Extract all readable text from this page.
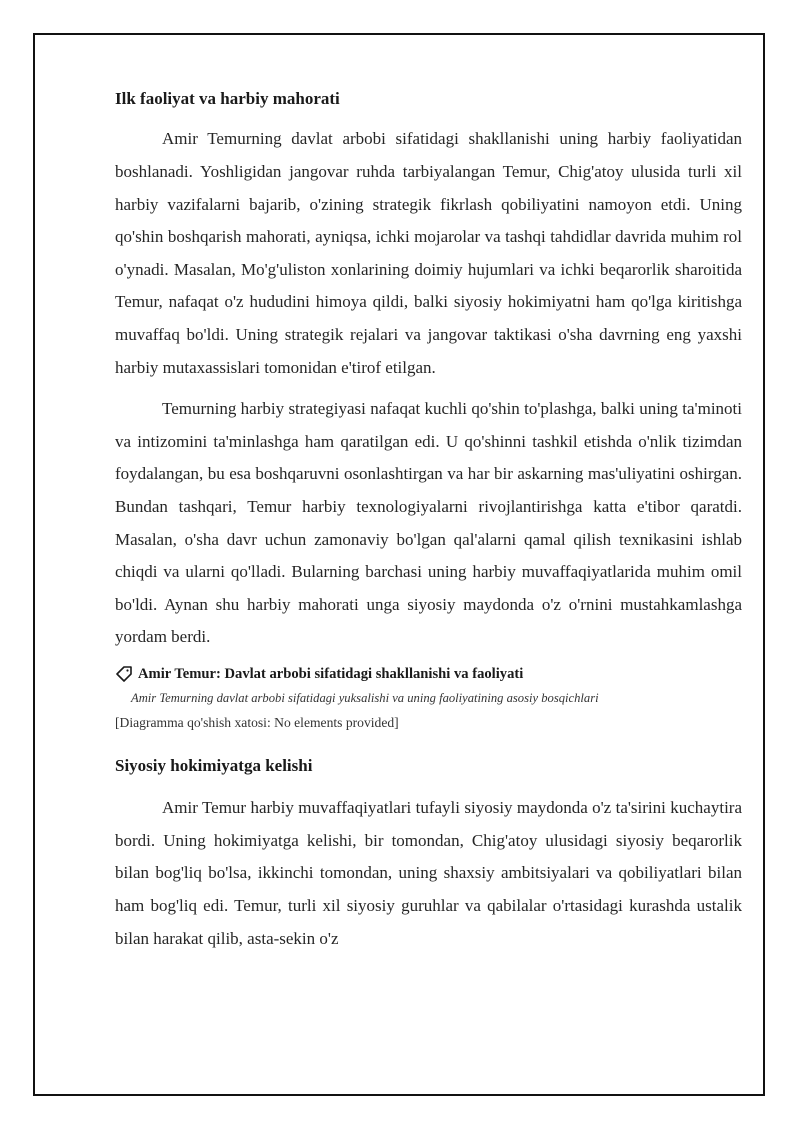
Ilk faoliyat va harbiy mahorati

Amir Temurning davlat arbobi sifatidagi shakllanishi uning harbiy faoliyatidan boshlanadi. Yoshligidan jangovar ruhda tarbiyalangan Temur, Chig'atoy ulusida turli xil harbiy vazifalarni bajarib, o'zining strategik fikrlash qobiliyatini namoyon etdi. Uning qo'shin boshqarish mahorati, ayniqsa, ichki mojarolar va tashqi tahdidlar davrida muhim rol o'ynadi. Masalan, Mo'g'uliston xonlarining doimiy hujumlari va ichki beqarorlik sharoitida Temur, nafaqat o'z hududini himoya qildi, balki siyosiy hokimiyatni ham qo'lga kiritishga muvaffaq bo'ldi. Uning strategik rejalari va jangovar taktikasi o'sha davrning eng yaxshi harbiy mutaxassislari tomonidan e'tirof etilgan.

Temurning harbiy strategiyasi nafaqat kuchli qo'shin to'plashga, balki uning ta'minoti va intizomini ta'minlashga ham qaratilgan edi. U qo'shinni tashkil etishda o'nlik tizimdan foydalangan, bu esa boshqaruvni osonlashtirgan va har bir askarning mas'uliyatini oshirgan. Bundan tashqari, Temur harbiy texnologiyalarni rivojlantirishga katta e'tibor qaratdi. Masalan, o'sha davr uchun zamonaviy bo'lgan qal'alarni qamal qilish texnikasini ishlab chiqdi va ularni qo'lladi. Bularning barchasi uning harbiy muvaffaqiyatlarida muhim omil bo'ldi. Aynan shu harbiy mahorati unga siyosiy maydonda o'z o'rnini mustahkamlashga yordam berdi.

Amir Temur: Davlat arbobi sifatidagi shakllanishi va faoliyati
Amir Temurning davlat arbobi sifatidagi yuksalishi va uning faoliyatining asosiy bosqichlari
[Diagramma qo'shish xatosi: No elements provided]
Siyosiy hokimiyatga kelishi

Amir Temur harbiy muvaffaqiyatlari tufayli siyosiy maydonda o'z ta'sirini kuchaytira bordi. Uning hokimiyatga kelishi, bir tomondan, Chig'atoy ulusidagi siyosiy beqarorlik bilan bog'liq bo'lsa, ikkinchi tomondan, uning shaxsiy ambitsiyalari va qobiliyatlari bilan ham bog'liq edi. Temur, turli xil siyosiy guruhlar va qabilalar o'rtasidagi kurashda ustalik bilan harakat qilib, asta-sekin o'z
